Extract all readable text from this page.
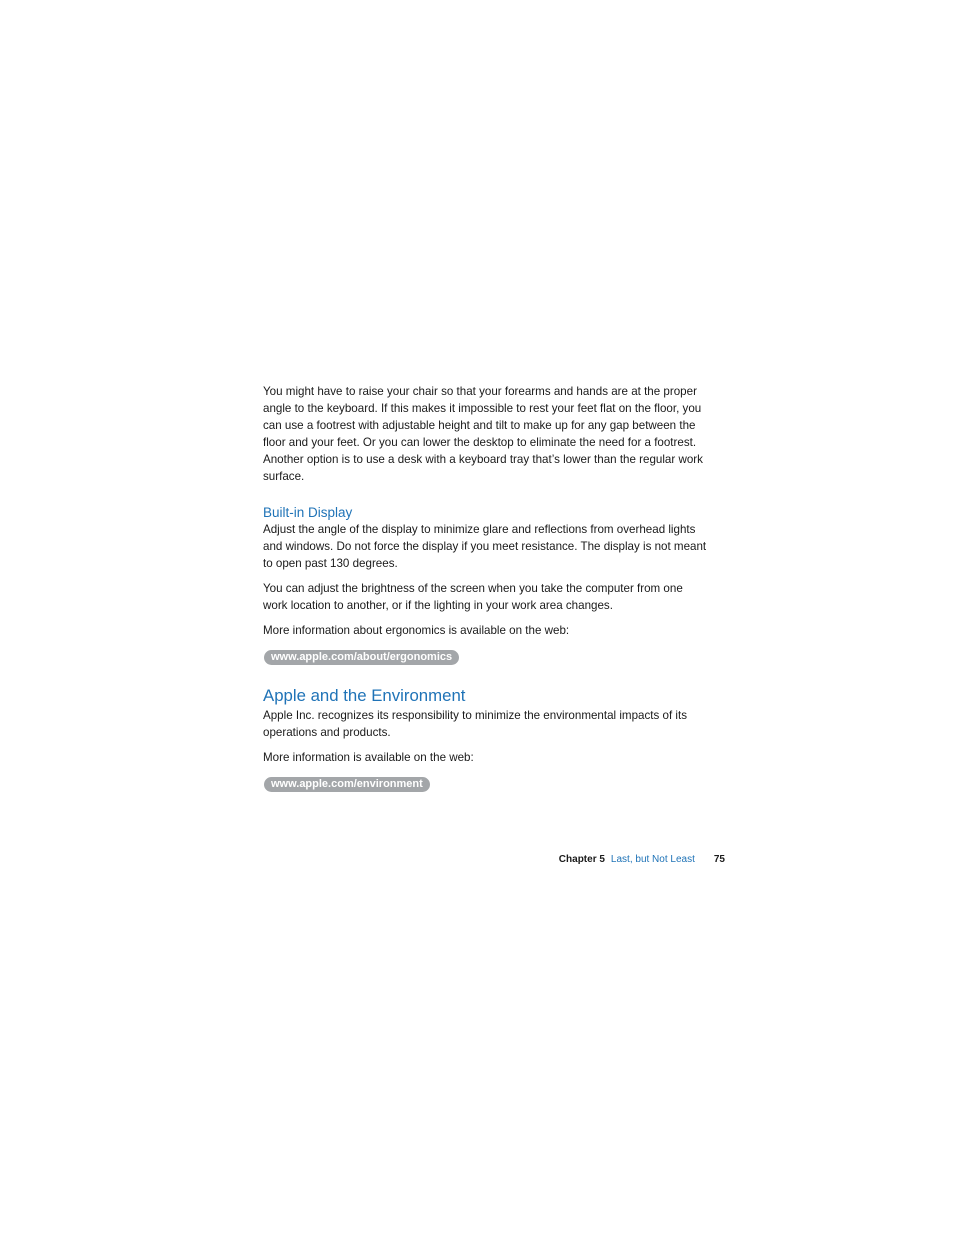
You might have to raise your chair so that your forearms and hands are at the proper angle to the keyboard. If this makes it impossible to rest your feet flat on the floor, you can use a footrest with adjustable height and tilt to make up for any gap between the floor and your feet. Or you can lower the desktop to eliminate the need for a footrest. Another option is to use a desk with a keyboard tray that’s lower than the regular work surface.

Built-in Display

Adjust the angle of the display to minimize glare and reflections from overhead lights and windows. Do not force the display if you meet resistance. The display is not meant to open past 130 degrees.

You can adjust the brightness of the screen when you take the computer from one work location to another, or if the lighting in your work area changes.

More information about ergonomics is available on the web:

www.apple.com/about/ergonomics
Apple and the Environment

Apple Inc. recognizes its responsibility to minimize the environmental impacts of its operations and products.

More information is available on the web:

www.apple.com/environment
Chapter 5 Last, but Not Least 75
